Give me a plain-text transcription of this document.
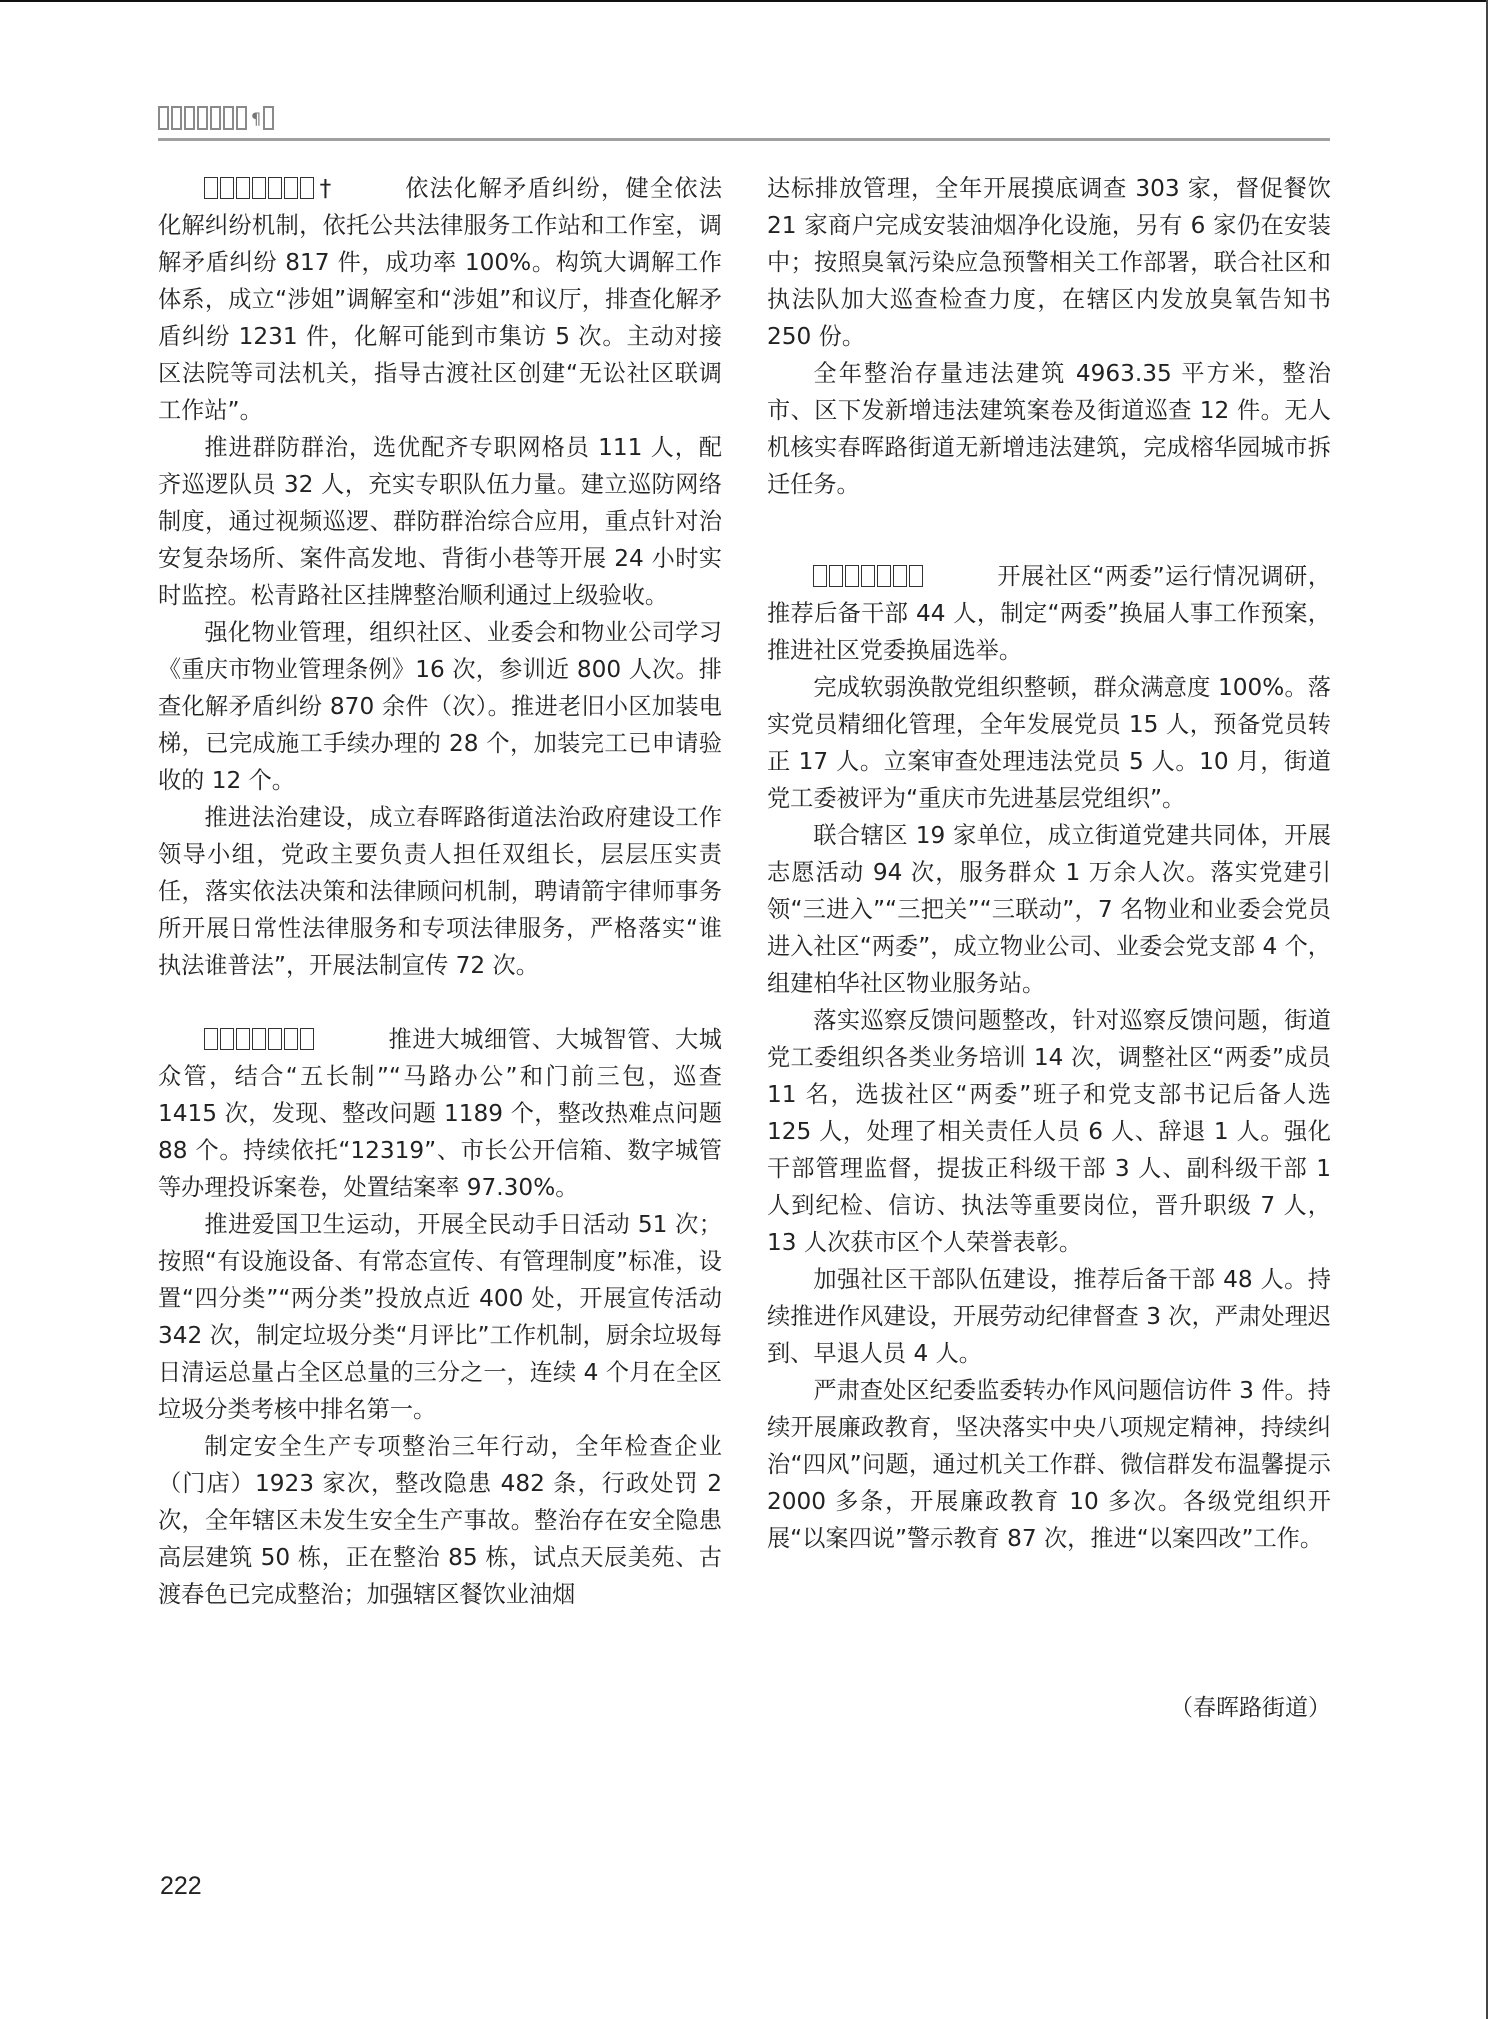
¶

†	依法化解矛盾纠纷，健全依法化解纠纷机制，依托公共法律服务工作站和工作室，调解矛盾纠纷 817 件，成功率 100%。构筑大调解工作体系，成立“涉姐”调解室和“涉姐”和议厅，排查化解矛盾纠纷 1231 件，化解可能到市集访 5 次。主动对接区法院等司法机关，指导古渡社区创建“无讼社区联调工作站”。

推进群防群治，选优配齐专职网格员 111 人，配齐巡逻队员 32 人，充实专职队伍力量。建立巡防网络制度，通过视频巡逻、群防群治综合应用，重点针对治安复杂场所、案件高发地、背街小巷等开展 24 小时实时监控。松青路社区挂牌整治顺利通过上级验收。

强化物业管理，组织社区、业委会和物业公司学习《重庆市物业管理条例》16 次，参训近 800 人次。排查化解矛盾纠纷 870 余件（次）。推进老旧小区加装电梯，已完成施工手续办理的 28 个，加装完工已申请验收的 12 个。

推进法治建设，成立春晖路街道法治政府建设工作领导小组，党政主要负责人担任双组长，层层压实责任，落实依法决策和法律顾问机制，聘请箭宇律师事务所开展日常性法律服务和专项法律服务，严格落实“谁执法谁普法”，开展法制宣传 72 次。

推进大城细管、大城智管、大城众管，结合“五长制”“马路办公”和门前三包，巡查 1415 次，发现、整改问题 1189 个，整改热难点问题 88 个。持续依托“12319”、市长公开信箱、数字城管等办理投诉案卷，处置结案率 97.30%。

推进爱国卫生运动，开展全民动手日活动 51 次；按照“有设施设备、有常态宣传、有管理制度”标准，设置“四分类”“两分类”投放点近 400 处，开展宣传活动 342 次，制定垃圾分类“月评比”工作机制，厨余垃圾每日清运总量占全区总量的三分之一，连续 4 个月在全区垃圾分类考核中排名第一。

制定安全生产专项整治三年行动，全年检查企业（门店）1923 家次，整改隐患 482 条，行政处罚 2 次，全年辖区未发生安全生产事故。整治存在安全隐患高层建筑 50 栋，正在整治 85 栋，试点天辰美苑、古渡春色已完成整治；加强辖区餐饮业油烟

达标排放管理，全年开展摸底调查 303 家，督促餐饮 21 家商户完成安装油烟净化设施，另有 6 家仍在安装中；按照臭氧污染应急预警相关工作部署，联合社区和执法队加大巡查检查力度，在辖区内发放臭氧告知书 250 份。

全年整治存量违法建筑 4963.35 平方米，整治市、区下发新增违法建筑案卷及街道巡查 12 件。无人机核实春晖路街道无新增违法建筑，完成榕华园城市拆迁任务。

开展社区“两委”运行情况调研，推荐后备干部 44 人，制定“两委”换届人事工作预案，推进社区党委换届选举。

完成软弱涣散党组织整顿，群众满意度 100%。落实党员精细化管理，全年发展党员 15 人，预备党员转正 17 人。立案审查处理违法党员 5 人。10 月，街道党工委被评为“重庆市先进基层党组织”。

联合辖区 19 家单位，成立街道党建共同体，开展志愿活动 94 次，服务群众 1 万余人次。落实党建引领“三进入”“三把关”“三联动”，7 名物业和业委会党员进入社区“两委”，成立物业公司、业委会党支部 4 个，组建柏华社区物业服务站。

落实巡察反馈问题整改，针对巡察反馈问题，街道党工委组织各类业务培训 14 次，调整社区“两委”成员 11 名，选拔社区“两委”班子和党支部书记后备人选 125 人，处理了相关责任人员 6 人、辞退 1 人。强化干部管理监督，提拔正科级干部 3 人、副科级干部 1 人到纪检、信访、执法等重要岗位，晋升职级 7 人，13 人次获市区个人荣誉表彰。

加强社区干部队伍建设，推荐后备干部 48 人。持续推进作风建设，开展劳动纪律督查 3 次，严肃处理迟到、早退人员 4 人。

严肃查处区纪委监委转办作风问题信访件 3 件。持续开展廉政教育，坚决落实中央八项规定精神，持续纠治“四风”问题，通过机关工作群、微信群发布温馨提示 2000 多条，开展廉政教育 10 多次。各级党组织开展“以案四说”警示教育 87 次，推进“以案四改”工作。

（春晖路街道）
222
